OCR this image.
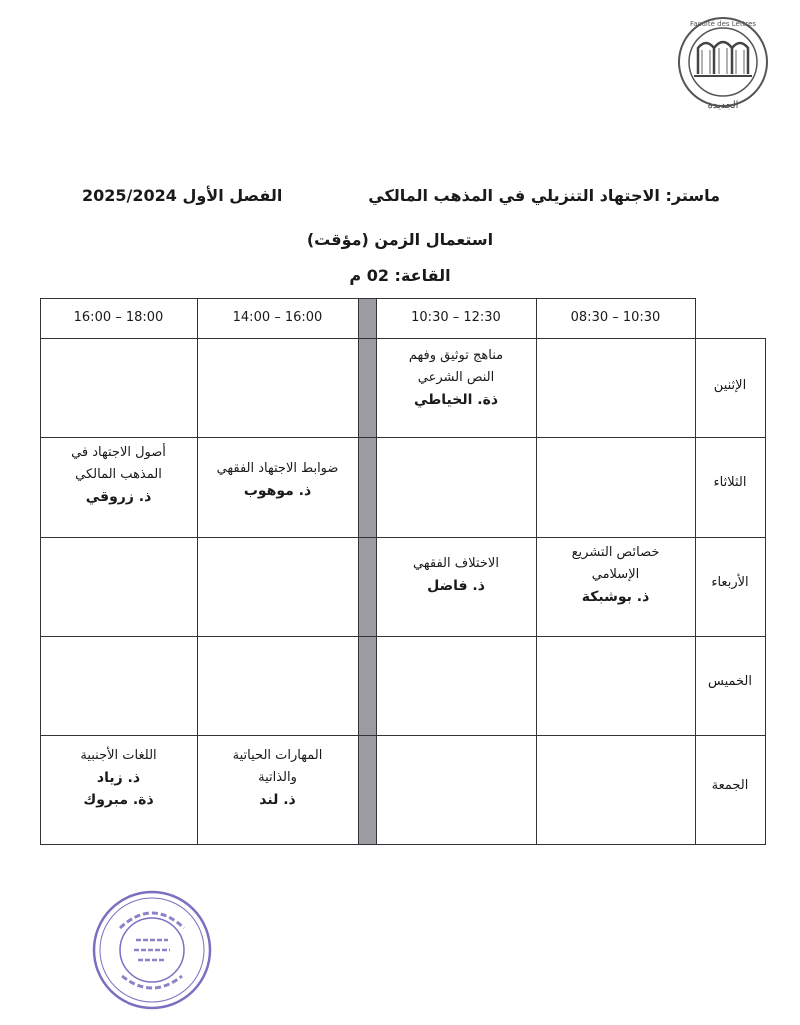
Faculté des Lettres
الجديدة
ماستر: الاجتهاد التنزيلي في المذهب المالكي
الفصل الأول 2025/2024
استعمال الزمن (مؤقت)
القاعة: 02 م
08:30 – 10:30
10:30 – 12:30
14:00 – 16:00
16:00 – 18:00
الإثنين
الثلاثاء
الأربعاء
الخميس
الجمعة
مناهج توثيق وفهم
النص الشرعي
ذة. الخياطي
ضوابط الاجتهاد الفقهي
ذ. موهوب
أصول الاجتهاد في
المذهب المالكي
ذ. زروقي
خصائص التشريع
الإسلامي
ذ. بوشبكة
الاختلاف الفقهي
ذ. فاضل
المهارات الحياتية
والذاتية
ذ. لند
اللغات الأجنبية
ذ. زياد
ذة. مبروك
